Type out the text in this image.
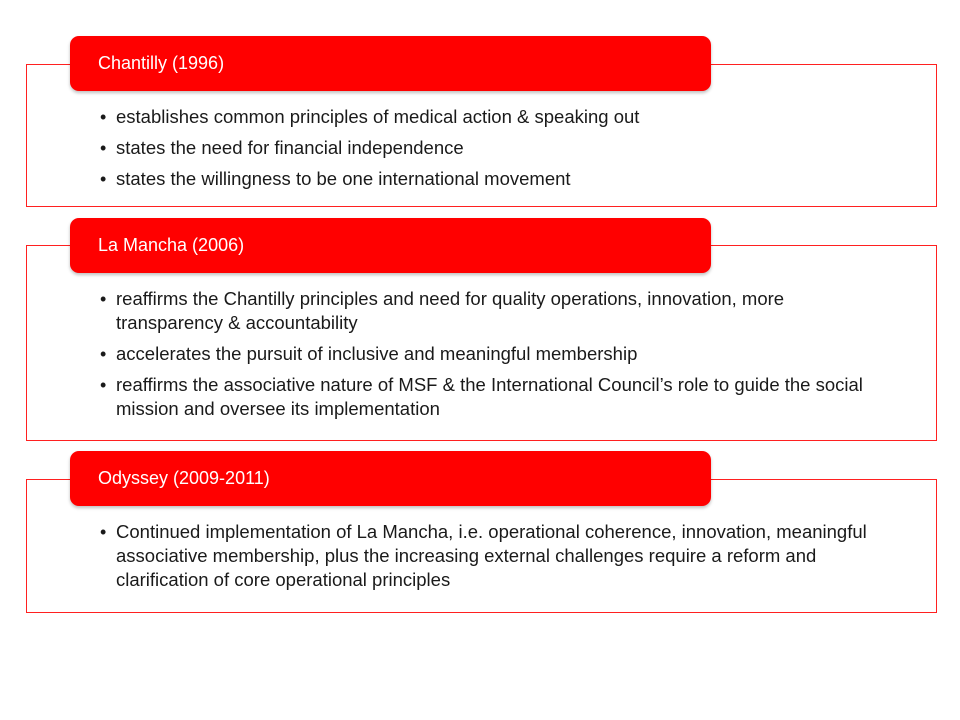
Chantilly (1996)
• establishes common principles of medical action & speaking out
• states the need for financial independence
• states the willingness to be one international movement
La Mancha (2006)
• reaffirms the Chantilly principles and need for quality operations, innovation, more transparency & accountability
• accelerates the pursuit of inclusive and meaningful membership
• reaffirms the associative nature of MSF & the International Council’s role to guide the social mission and oversee its implementation
Odyssey (2009-2011)
• Continued implementation of La Mancha, i.e. operational coherence, innovation, meaningful associative membership, plus the increasing external challenges require a reform and clarification of core operational principles
